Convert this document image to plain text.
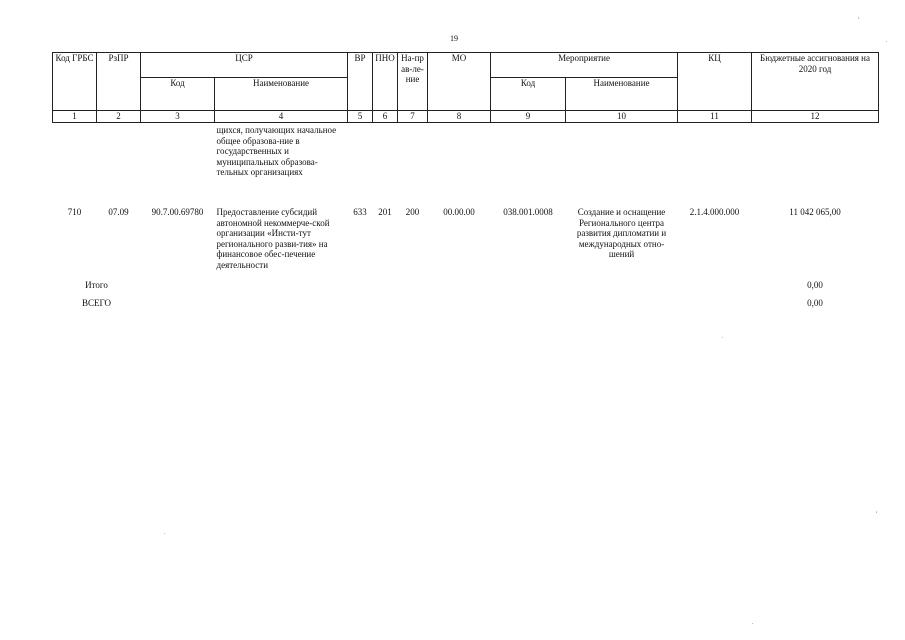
19
Код ГРБС	РзПР	ЦСР		ВР	ПНО	На-прав-ле-ние	МО	Мероприятие		КЦ	Бюджетные ассигнования на 2020 год
		Код	Наименование					Код	Наименование		
1	2	3	4	5	6	7	8	9	10	11	12
			щихся, получающих начальное общее образова-ние в государственных и муниципальных образова-тельных организациях								
710	07.09	90.7.00.69780	Предоставление субсидий автономной некоммерче-ской организации «Инсти-тут регионального разви-тия» на финансовое обес-печение деятельности	633	201	200	00.00.00	038.001.0008	Создание и оснащение Регионального центра развития дипломатии и международных отно-шений	2.1.4.000.000	11 042 065,00
Итого											0,00
ВСЕГО											0,00
,
.
.
,
.
.
